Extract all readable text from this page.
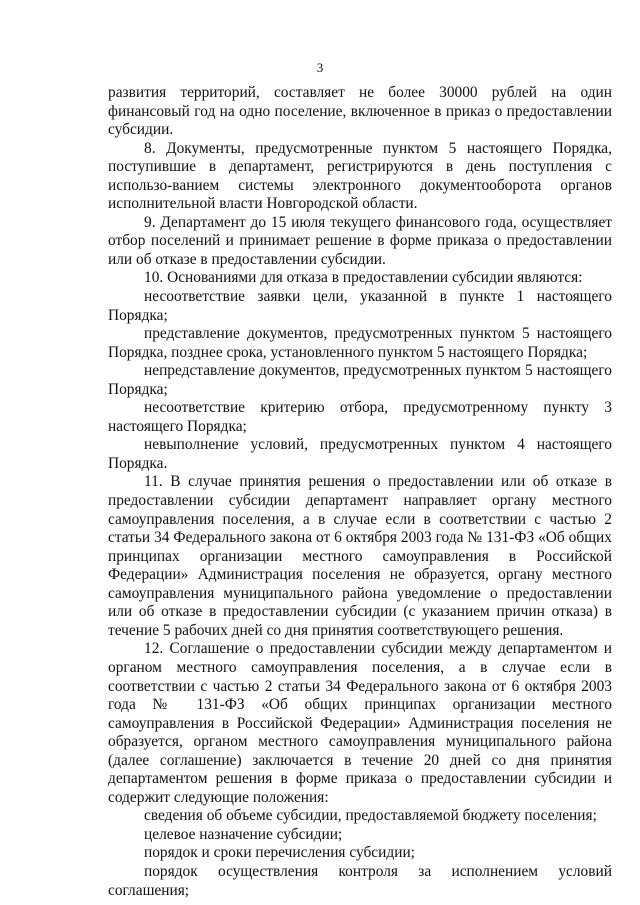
3

развития территорий, составляет не более 30000 рублей на один финансовый год на одно поселение, включенное в приказ о предоставлении субсидии.

8. Документы, предусмотренные пунктом 5 настоящего Порядка, поступившие в департамент, регистрируются в день поступления с использо-ванием системы электронного документооборота органов исполнительной власти Новгородской области.

9. Департамент до 15 июля текущего финансового года, осуществляет отбор поселений и принимает решение в форме приказа о предоставлении или об отказе в предоставлении субсидии.

10. Основаниями для отказа в предоставлении субсидии являются:

несоответствие заявки цели, указанной в пункте 1 настоящего Порядка;

представление документов, предусмотренных пунктом 5 настоящего Порядка, позднее срока, установленного пунктом 5 настоящего Порядка;

непредставление документов, предусмотренных пунктом 5 настоящего Порядка;

несоответствие критерию отбора, предусмотренному пункту 3 настоящего Порядка;

невыполнение условий, предусмотренных пунктом 4 настоящего Порядка.

11. В случае принятия решения о предоставлении или об отказе в предоставлении субсидии департамент направляет органу местного самоуправления поселения, а в случае если в соответствии с частью 2 статьи 34 Федерального закона от 6 октября 2003 года № 131-ФЗ «Об общих принципах организации местного самоуправления в Российской Федерации» Администрация поселения не образуется, органу местного самоуправления муниципального района уведомление о предоставлении или об отказе в предоставлении субсидии (с указанием причин отказа) в течение 5 рабочих дней со дня принятия соответствующего решения.

12. Соглашение о предоставлении субсидии между департаментом и органом местного самоуправления поселения, а в случае если в соответствии с частью 2 статьи 34 Федерального закона от 6 октября 2003 года № 131-ФЗ «Об общих принципах организации местного самоуправления в Российской Федерации» Администрация поселения не образуется, органом местного самоуправления муниципального района (далее соглашение) заключается в течение 20 дней со дня принятия департаментом решения в форме приказа о предоставлении субсидии и содержит следующие положения:

сведения об объеме субсидии, предоставляемой бюджету поселения;

целевое назначение субсидии;

порядок и сроки перечисления субсидии;

порядок осуществления контроля за исполнением условий соглашения;
